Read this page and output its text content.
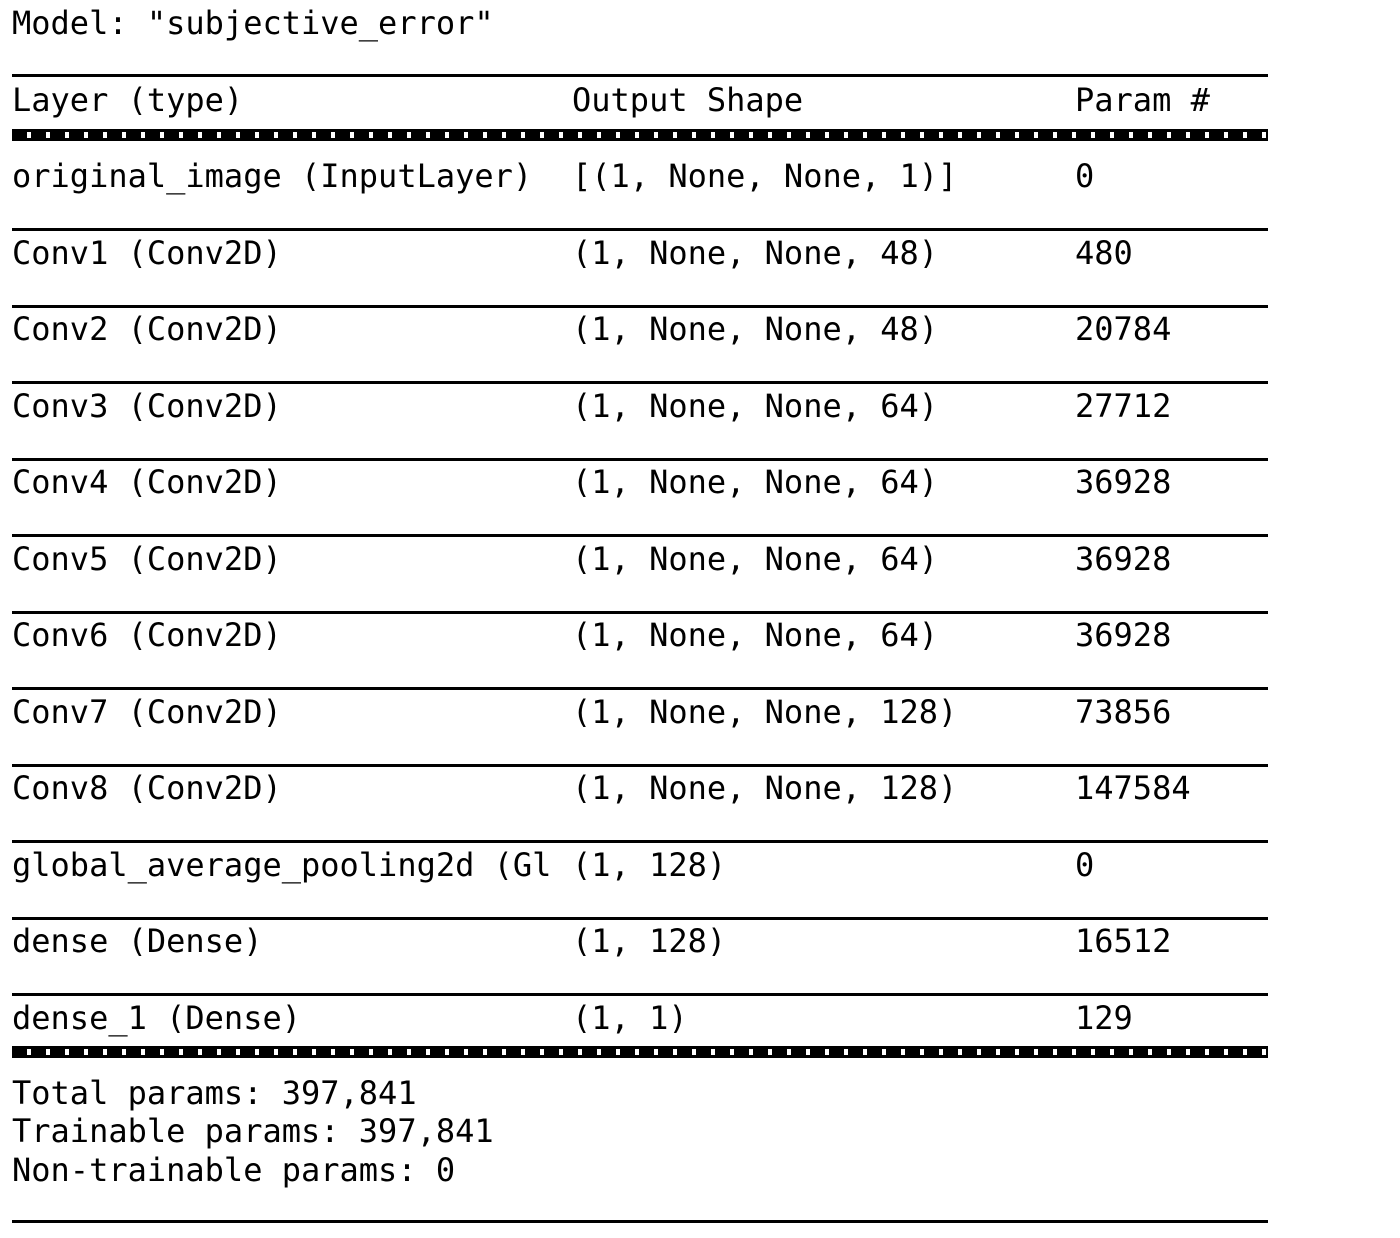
Model: "subjective_error"
Layer (type)	Output Shape	Param #
original_image (InputLayer) [(1, None, None, 1)]	0
Conv1 (Conv2D)	(1, None, None, 48)	480
Conv2 (Conv2D)	(1, None, None, 48)	20784
Conv3 (Conv2D)	(1, None, None, 64)	27712
Conv4 (Conv2D)	(1, None, None, 64)	36928
Conv5 (Conv2D)	(1, None, None, 64)	36928
Conv6 (Conv2D)	(1, None, None, 64)	36928
Conv7 (Conv2D)	(1, None, None, 128)	73856
Conv8 (Conv2D)	(1, None, None, 128)	147584
global_average_pooling2d (Gl (1, 128)	0
dense (Dense)	(1, 128)	16512
dense_1 (Dense)	(1, 1)	129
Total params: 397,841
Trainable params: 397,841
Non-trainable params: 0
